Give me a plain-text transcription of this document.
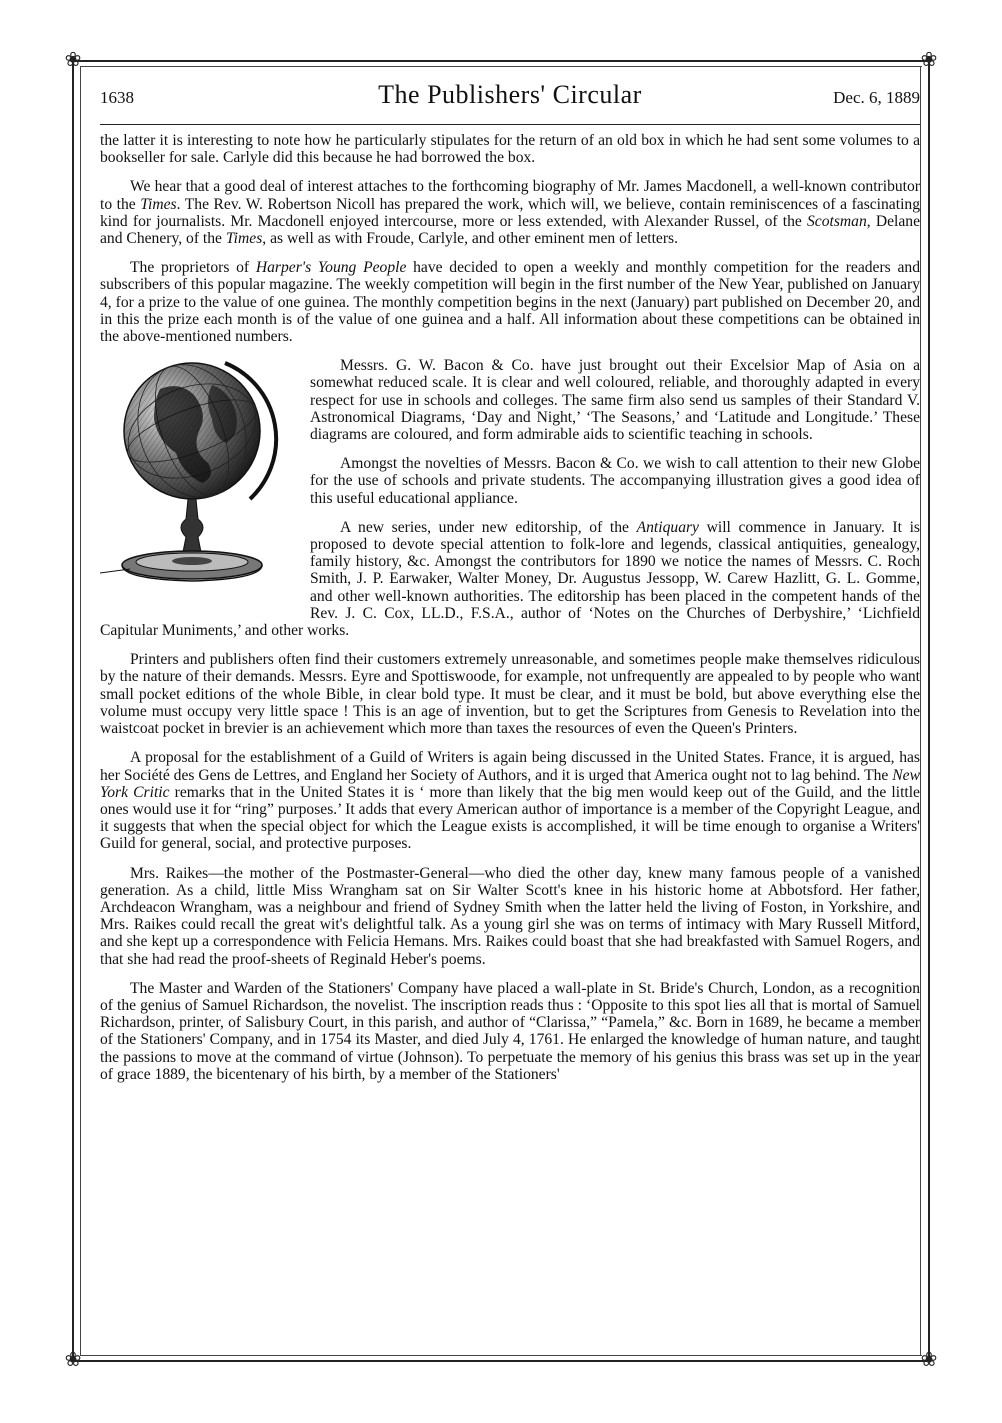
❀	❀
❀	❀
1638	The Publishers' Circular	Dec. 6, 1889

the latter it is interesting to note how he particularly stipulates for the return of an old box in which he had sent some volumes to a bookseller for sale. Carlyle did this because he had borrowed the box.

We hear that a good deal of interest attaches to the forthcoming biography of Mr. James Macdonell, a well-known contributor to the Times. The Rev. W. Robertson Nicoll has prepared the work, which will, we believe, contain reminiscences of a fascinating kind for journalists. Mr. Macdonell enjoyed intercourse, more or less extended, with Alexander Russel, of the Scotsman, Delane and Chenery, of the Times, as well as with Froude, Carlyle, and other eminent men of letters.

The proprietors of Harper's Young People have decided to open a weekly and monthly competition for the readers and subscribers of this popular magazine. The weekly competition will begin in the first number of the New Year, published on January 4, for a prize to the value of one guinea. The monthly competition begins in the next (January) part published on December 20, and in this the prize each month is of the value of one guinea and a half. All information about these competitions can be obtained in the above-mentioned numbers.

Messrs. G. W. Bacon & Co. have just brought out their Excelsior Map of Asia on a somewhat reduced scale. It is clear and well coloured, reliable, and thoroughly adapted in every respect for use in schools and colleges. The same firm also send us samples of their Standard V. Astronomical Diagrams, ‘Day and Night,’ ‘The Seasons,’ and ‘Latitude and Longitude.’ These diagrams are coloured, and form admirable aids to scientific teaching in schools.

Amongst the novelties of Messrs. Bacon & Co. we wish to call attention to their new Globe for the use of schools and private students. The accompanying illustration gives a good idea of this useful educational appliance.

A new series, under new editorship, of the Antiquary will commence in January. It is proposed to devote special attention to folk-lore and legends, classical antiquities, genealogy, family history, &c. Amongst the contributors for 1890 we notice the names of Messrs. C. Roch Smith, J. P. Earwaker, Walter Money, Dr. Augustus Jessopp, W. Carew Hazlitt, G. L. Gomme, and other well-known authorities. The editorship has been placed in the competent hands of the Rev. J. C. Cox, LL.D., F.S.A., author of ‘Notes on the Churches of Derbyshire,’ ‘Lichfield Capitular Muniments,’ and other works.

Printers and publishers often find their customers extremely unreasonable, and sometimes people make themselves ridiculous by the nature of their demands. Messrs. Eyre and Spottiswoode, for example, not unfrequently are appealed to by people who want small pocket editions of the whole Bible, in clear bold type. It must be clear, and it must be bold, but above everything else the volume must occupy very little space ! This is an age of invention, but to get the Scriptures from Genesis to Revelation into the waistcoat pocket in brevier is an achievement which more than taxes the resources of even the Queen's Printers.

A proposal for the establishment of a Guild of Writers is again being discussed in the United States. France, it is argued, has her Société des Gens de Lettres, and England her Society of Authors, and it is urged that America ought not to lag behind. The New York Critic remarks that in the United States it is ‘ more than likely that the big men would keep out of the Guild, and the little ones would use it for “ring” purposes.’ It adds that every American author of importance is a member of the Copyright League, and it suggests that when the special object for which the League exists is accomplished, it will be time enough to organise a Writers' Guild for general, social, and protective purposes.

Mrs. Raikes—the mother of the Postmaster-General—who died the other day, knew many famous people of a vanished generation. As a child, little Miss Wrangham sat on Sir Walter Scott's knee in his historic home at Abbotsford. Her father, Archdeacon Wrangham, was a neighbour and friend of Sydney Smith when the latter held the living of Foston, in Yorkshire, and Mrs. Raikes could recall the great wit's delightful talk. As a young girl she was on terms of intimacy with Mary Russell Mitford, and she kept up a correspondence with Felicia Hemans. Mrs. Raikes could boast that she had breakfasted with Samuel Rogers, and that she had read the proof-sheets of Reginald Heber's poems.

The Master and Warden of the Stationers' Company have placed a wall-plate in St. Bride's Church, London, as a recognition of the genius of Samuel Richardson, the novelist. The inscription reads thus : ‘Opposite to this spot lies all that is mortal of Samuel Richardson, printer, of Salisbury Court, in this parish, and author of “Clarissa,” “Pamela,” &c. Born in 1689, he became a member of the Stationers' Company, and in 1754 its Master, and died July 4, 1761. He enlarged the knowledge of human nature, and taught the passions to move at the command of virtue (Johnson). To perpetuate the memory of his genius this brass was set up in the year of grace 1889, the bicentenary of his birth, by a member of the Stationers'
